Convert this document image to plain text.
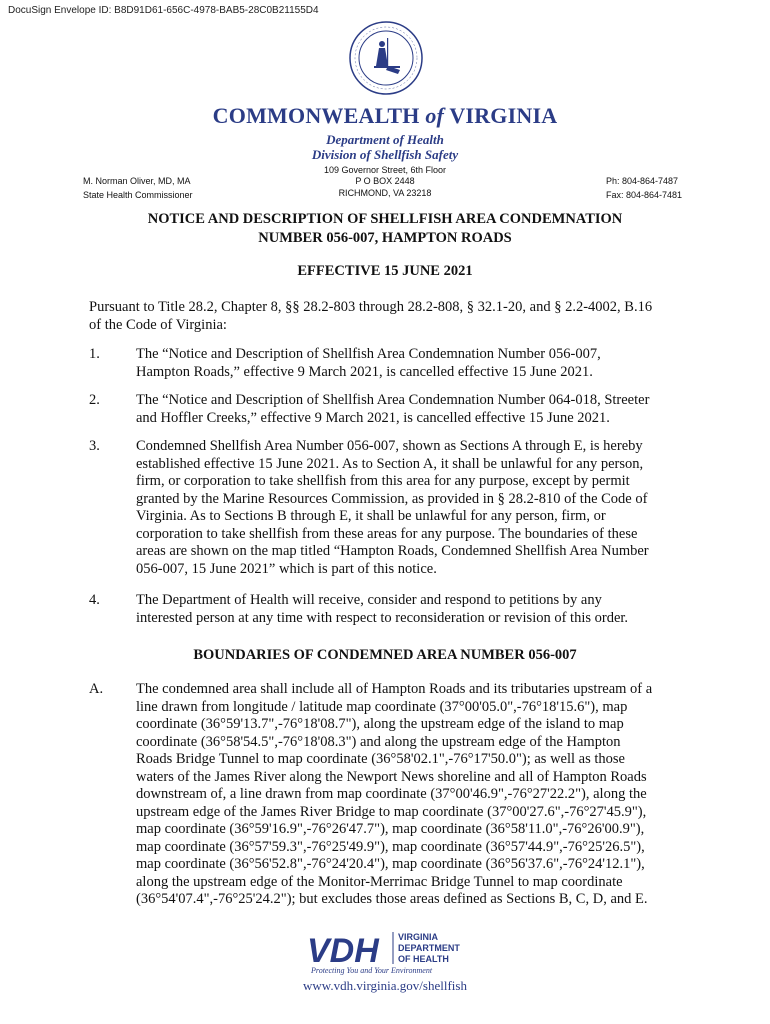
DocuSign Envelope ID: B8D91D61-656C-4978-BAB5-28C0B21155D4
COMMONWEALTH of VIRGINIA
Department of Health
Division of Shellfish Safety
109 Governor Street, 6th Floor
P O BOX 2448
RICHMOND, VA 23218
M. Norman Oliver, MD, MA
State Health Commissioner
Ph: 804-864-7487
Fax: 804-864-7481
NOTICE AND DESCRIPTION OF SHELLFISH AREA CONDEMNATION
NUMBER 056-007, HAMPTON ROADS
EFFECTIVE 15 JUNE 2021
Pursuant to Title 28.2, Chapter 8, §§ 28.2-803 through 28.2-808, § 32.1-20, and § 2.2-4002, B.16
of the Code of Virginia:
1. The “Notice and Description of Shellfish Area Condemnation Number 056-007,
Hampton Roads,” effective 9 March 2021, is cancelled effective 15 June 2021.
2. The “Notice and Description of Shellfish Area Condemnation Number 064-018, Streeter
and Hoffler Creeks,” effective 9 March 2021, is cancelled effective 15 June 2021.
3. Condemned Shellfish Area Number 056-007, shown as Sections A through E, is hereby
established effective 15 June 2021. As to Section A, it shall be unlawful for any person,
firm, or corporation to take shellfish from this area for any purpose, except by permit
granted by the Marine Resources Commission, as provided in § 28.2-810 of the Code of
Virginia. As to Sections B through E, it shall be unlawful for any person, firm, or
corporation to take shellfish from these areas for any purpose. The boundaries of these
areas are shown on the map titled “Hampton Roads, Condemned Shellfish Area Number
056-007, 15 June 2021” which is part of this notice.
4. The Department of Health will receive, consider and respond to petitions by any
interested person at any time with respect to reconsideration or revision of this order.
BOUNDARIES OF CONDEMNED AREA NUMBER 056-007
A. The condemned area shall include all of Hampton Roads and its tributaries upstream of a
line drawn from longitude / latitude map coordinate (37°00'05.0",-76°18'15.6"), map
coordinate (36°59'13.7",-76°18'08.7"), along the upstream edge of the island to map
coordinate (36°58'54.5",-76°18'08.3") and along the upstream edge of the Hampton
Roads Bridge Tunnel to map coordinate (36°58'02.1",-76°17'50.0"); as well as those
waters of the James River along the Newport News shoreline and all of Hampton Roads
downstream of, a line drawn from map coordinate (37°00'46.9",-76°27'22.2"), along the
upstream edge of the James River Bridge to map coordinate (37°00'27.6",-76°27'45.9"),
map coordinate (36°59'16.9",-76°26'47.7"), map coordinate (36°58'11.0",-76°26'00.9"),
map coordinate (36°57'59.3",-76°25'49.9"), map coordinate (36°57'44.9",-76°25'26.5"),
map coordinate (36°56'52.8",-76°24'20.4"), map coordinate (36°56'37.6",-76°24'12.1"),
along the upstream edge of the Monitor-Merrimac Bridge Tunnel to map coordinate
(36°54'07.4",-76°25'24.2"); but excludes those areas defined as Sections B, C, D, and E.
VDH VIRGINIA
DEPARTMENT
OF HEALTH
Protecting You and Your Environment
www.vdh.virginia.gov/shellfish
